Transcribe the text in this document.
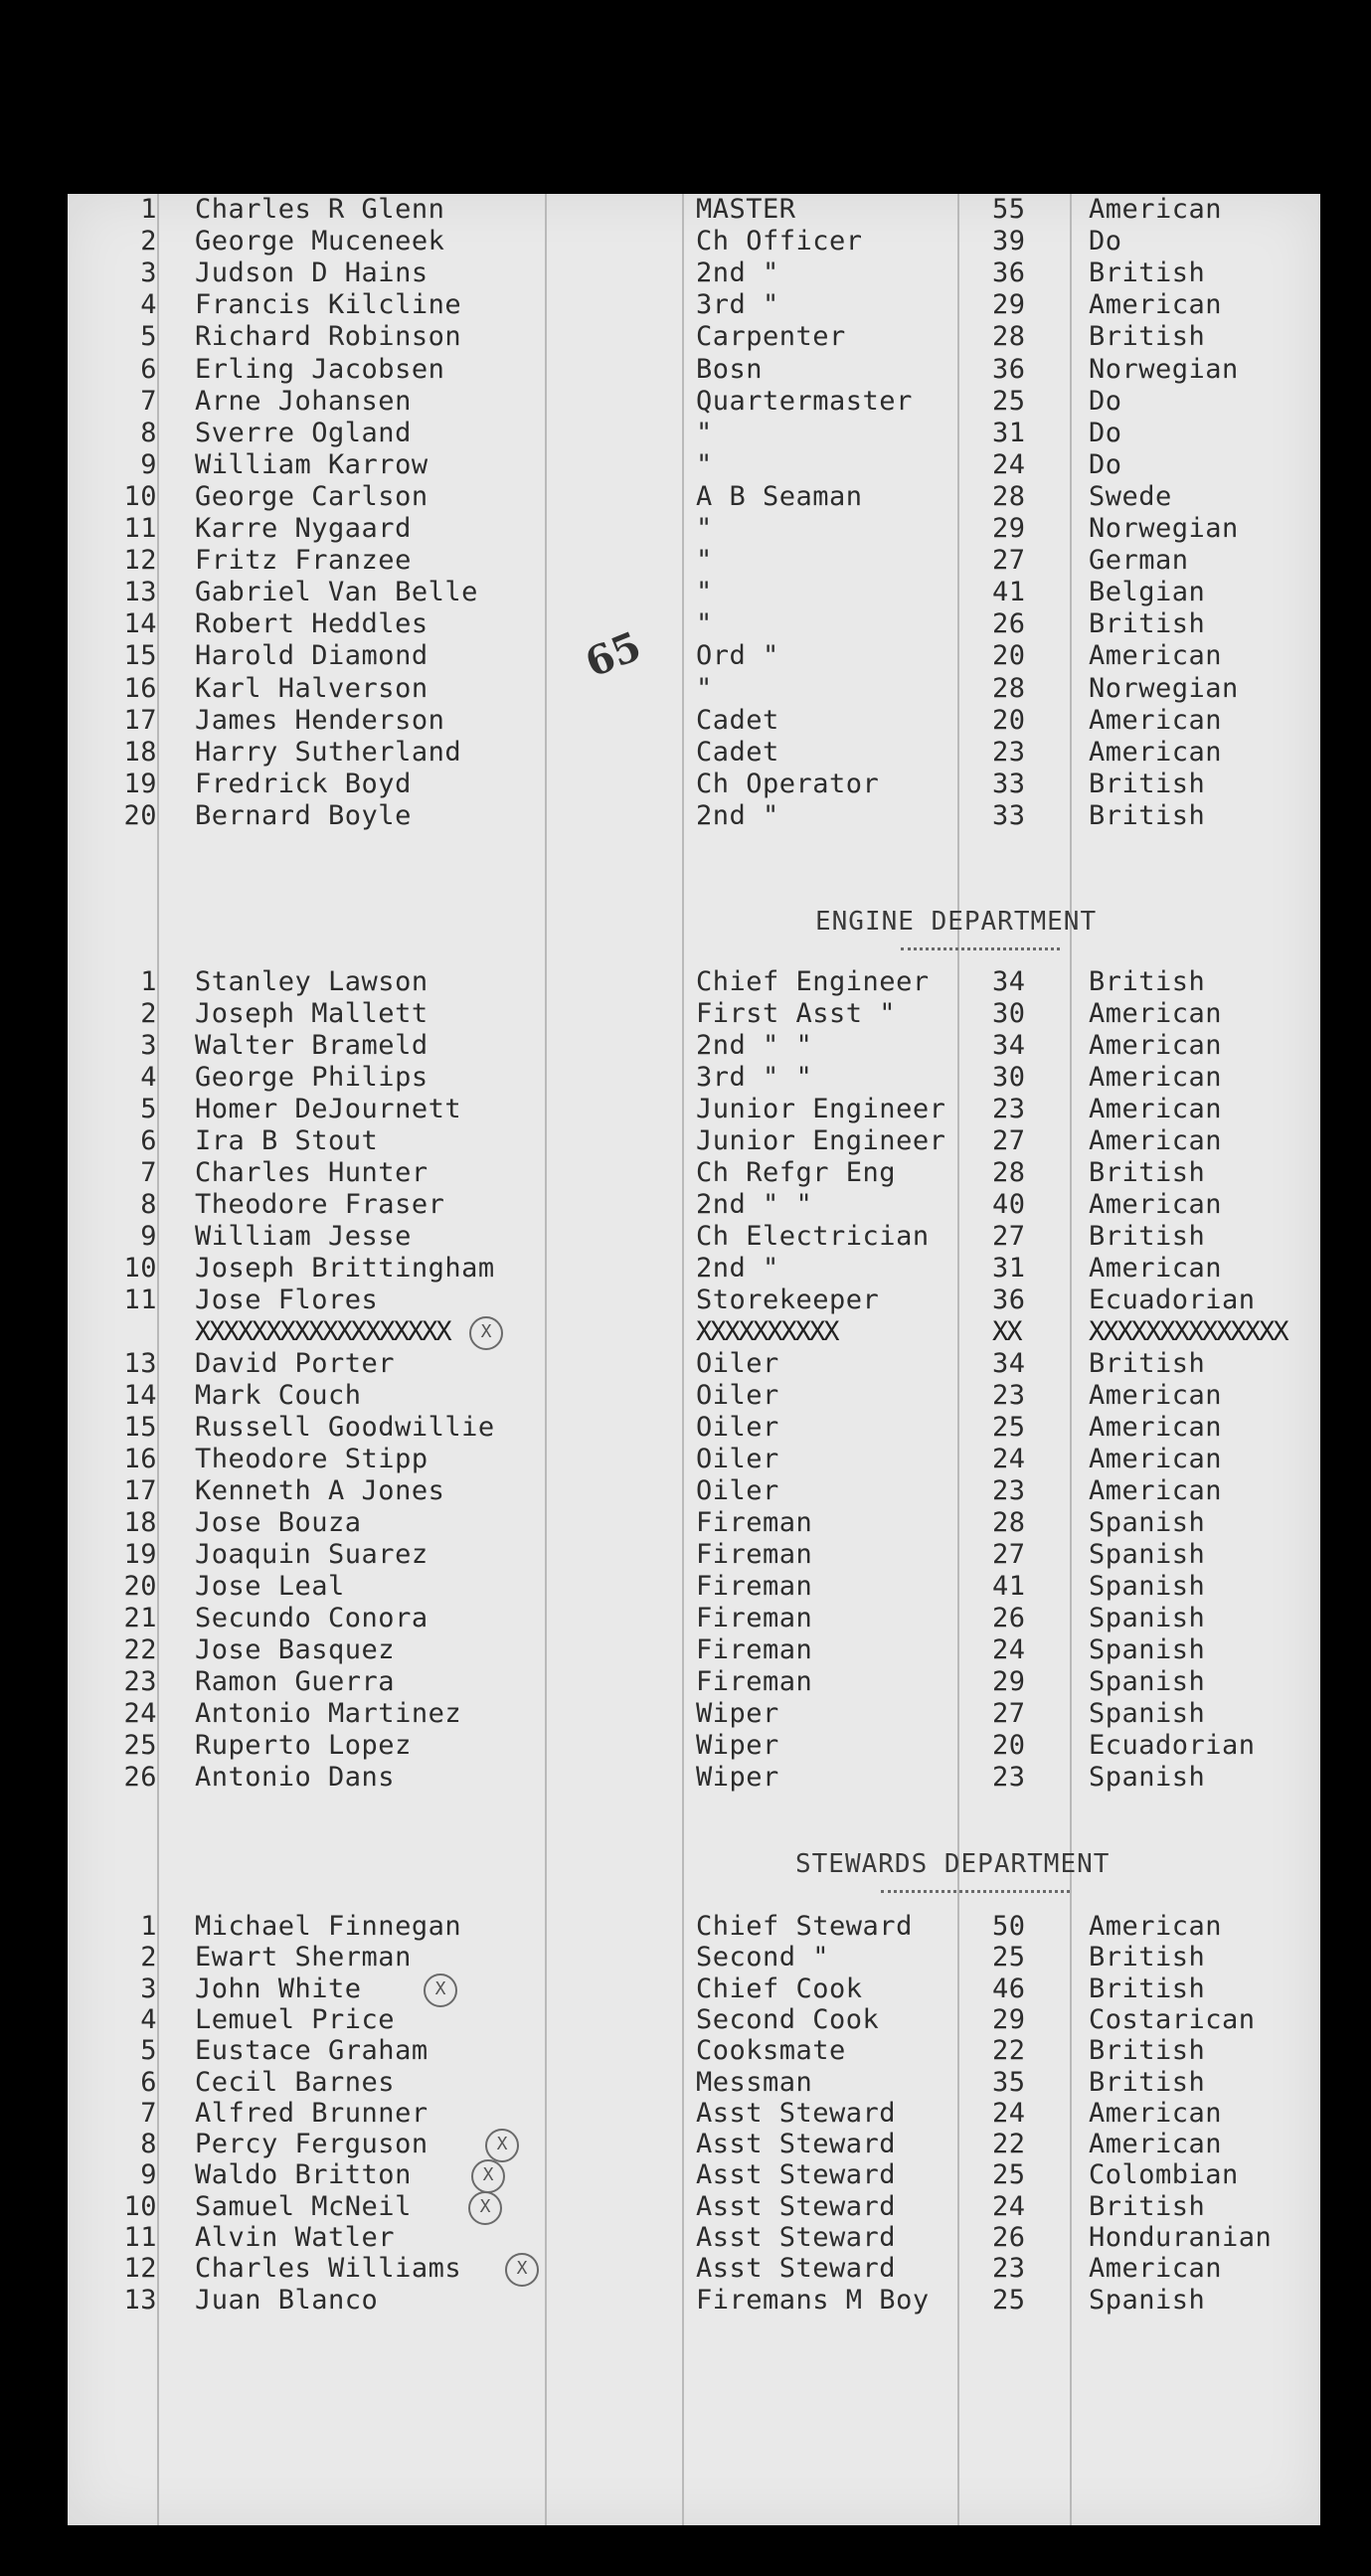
1 Charles R Glenn	MASTER	55 American
2 George Muceneek	Ch Officer	39 Do
3 Judson D Hains	2nd "	36 British
4 Francis Kilcline	3rd "	29 American
5 Richard Robinson	Carpenter	28 British
6 Erling Jacobsen	Bosn	36 Norwegian
7 Arne Johansen	Quartermaster	25 Do
8 Sverre Ogland	"	31 Do
9 William Karrow	"	24 Do
10 George Carlson	A B Seaman	28 Swede
11 Karre Nygaard	"	29 Norwegian
12 Fritz Franzee	"	27 German
13 Gabriel Van Belle	"	41 Belgian
14 Robert Heddles	"	26 British
15 Harold Diamond	Ord "	20 American
16 Karl Halverson	"	28 Norwegian
17 James Henderson	Cadet	20 American
18 Harry Sutherland	Cadet	23 American
19 Fredrick Boyd	Ch Operator	33 British
20 Bernard Boyle	2nd "	33 British
ENGINE DEPARTMENT
1 Stanley Lawson	Chief Engineer 34 British
2 Joseph Mallett	First Asst "	30 American
3 Walter Brameld	2nd " "	34 American
4 George Philips	3rd " "	30 American
5 Homer DeJournett	Junior Engineer 23 American
6 Ira B Stout	Junior Engineer 27 American
7 Charles Hunter	Ch Refgr Eng	28 British
8 Theodore Fraser	2nd " "	40 American
9 William Jesse	Ch Electrician 27 British
10 Joseph Brittingham	2nd "	31 American
11 Jose Flores	Storekeeper	36 Ecuadorian
XXXXXXXXXXXXXXXXXX	XXXXXXXXXX	XX	XXXXXXXXXXXXXX
X
13 David Porter	Oiler	34 British
14 Mark Couch	Oiler	23 American
15 Russell Goodwillie	Oiler	25 American
16 Theodore Stipp	Oiler	24 American
17 Kenneth A Jones	Oiler	23 American
18 Jose Bouza	Fireman	28 Spanish
19 Joaquin Suarez	Fireman	27 Spanish
20 Jose Leal	Fireman	41 Spanish
21 Secundo Conora	Fireman	26 Spanish
22 Jose Basquez	Fireman	24 Spanish
23 Ramon Guerra	Fireman	29 Spanish
24 Antonio Martinez	Wiper	27 Spanish
25 Ruperto Lopez	Wiper	20 Ecuadorian
26 Antonio Dans	Wiper	23 Spanish
STEWARDS DEPARTMENT
1 Michael Finnegan	Chief Steward	50 American
2 Ewart Sherman	Second "	25 British
3 John White	Chief Cook	46 British
X
4 Lemuel Price	Second Cook	29 Costarican
5 Eustace Graham	Cooksmate	22 British
6 Cecil Barnes	Messman	35 British
7 Alfred Brunner	Asst Steward	24 American
8 Percy Ferguson	Asst Steward	22 American
X
9 Waldo Britton	Asst Steward	25 Colombian
X
10 Samuel McNeil	Asst Steward	24 British
X
11 Alvin Watler	Asst Steward	26 Honduranian
12 Charles Williams	Asst Steward	23 American
X
13 Juan Blanco	Firemans M Boy 25 Spanish
65
